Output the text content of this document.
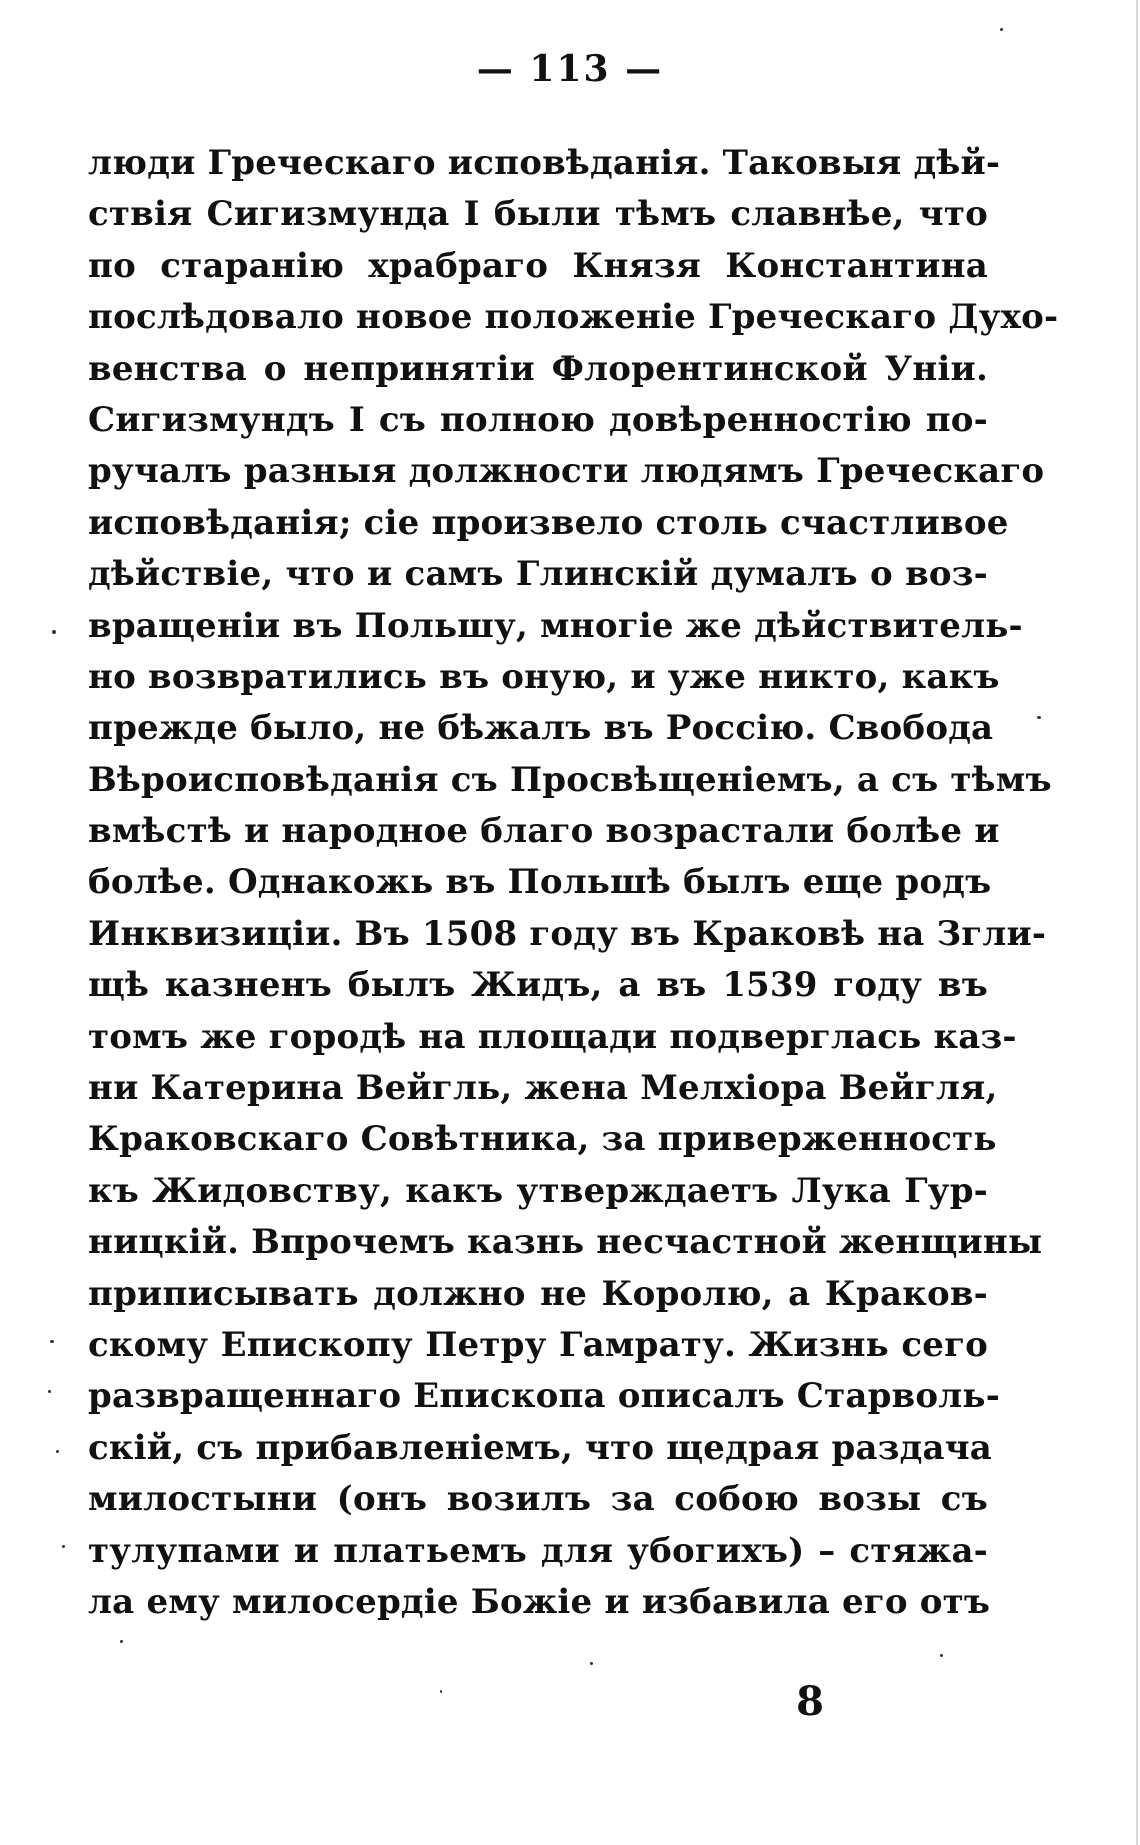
— 113 —
люди Греческаго исповѣданія. Таковыя дѣй-
ствія Сигизмунда I были тѣмъ славнѣе, что
по старанію храбраго Князя Константина
послѣдовало новое положеніе Греческаго Духо-
венства о непринятіи Флорентинской Уніи.
Сигизмундъ I съ полною довѣренностію по-
ручалъ разныя должности людямъ Греческаго
исповѣданія; сіе произвело столь счастливое
дѣйствіе, что и самъ Глинскій думалъ о воз-
вращеніи въ Польшу, многіе же дѣйствитель-
но возвратились въ оную, и уже никто, какъ
прежде было, не бѣжалъ въ Россію. Свобода
Вѣроисповѣданія съ Просвѣщеніемъ, а съ тѣмъ
вмѣстѣ и народное благо возрастали болѣе и
болѣе. Однакожь въ Польшѣ былъ еще родъ
Инквизиціи. Въ 1508 году въ Краковѣ на Згли-
щѣ казненъ былъ Жидъ, а въ 1539 году въ
томъ же городѣ на площади подверглась каз-
ни Катерина Вейгль, жена Мелхіора Вейгля,
Краковскаго Совѣтника, за приверженность
къ Жидовству, какъ утверждаетъ Лука Гур-
ницкій. Впрочемъ казнь несчастной женщины
приписывать должно не Королю, а Краков-
скому Епископу Петру Гамрату. Жизнь сего
развращеннаго Епископа описалъ Старволь-
скій, съ прибавленіемъ, что щедрая раздача
милостыни (онъ возилъ за собою возы съ
тулупами и платьемъ для убогихъ) – стяжа-
ла ему милосердіе Божіе и избавила его отъ
8
